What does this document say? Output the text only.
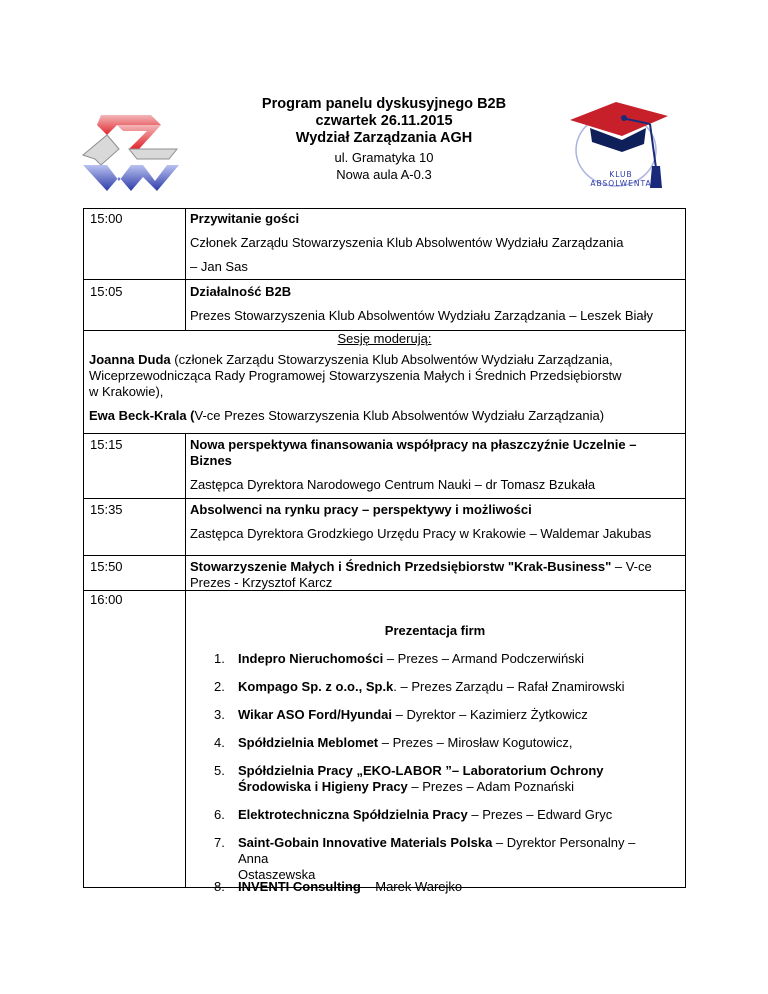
Program panelu dyskusyjnego B2B
czwartek 26.11.2015
Wydział Zarządzania AGH
ul. Gramatyka 10
Nowa aula A-0.3	KLUB
ABSOLWENTA
15:00	Przywitanie gości
Członek Zarządu Stowarzyszenia Klub Absolwentów Wydziału Zarządzania
– Jan Sas
15:05	Działalność B2B
Prezes Stowarzyszenia Klub Absolwentów Wydziału Zarządzania – Leszek Biały
Sesję moderują:
Joanna Duda (członek Zarządu Stowarzyszenia Klub Absolwentów Wydziału Zarządzania,
Wiceprzewodnicząca Rady Programowej Stowarzyszenia Małych i Średnich Przedsiębiorstw
w Krakowie),
Ewa Beck-Krala (V-ce Prezes Stowarzyszenia Klub Absolwentów Wydziału Zarządzania)
15:15	Nowa perspektywa finansowania współpracy na płaszczyźnie Uczelnie –
Biznes
Zastępca Dyrektora Narodowego Centrum Nauki – dr Tomasz Bzukała
15:35	Absolwenci na rynku pracy – perspektywy i możliwości
Zastępca Dyrektora Grodzkiego Urzędu Pracy w Krakowie – Waldemar Jakubas
15:50	Stowarzyszenie Małych i Średnich Przedsiębiorstw "Krak-Business" – V-ce
Prezes - Krzysztof Karcz
16:00
Prezentacja firm
1.	Indepro Nieruchomości – Prezes – Armand Podczerwiński
2.	Kompago Sp. z o.o., Sp.k. – Prezes Zarządu – Rafał Znamirowski
3.	Wikar ASO Ford/Hyundai – Dyrektor – Kazimierz Żytkowicz
4.	Spółdzielnia Meblomet – Prezes – Mirosław Kogutowicz,
5.	Spółdzielnia Pracy „EKO-LABOR ”– Laboratorium Ochrony
Środowiska i Higieny Pracy – Prezes – Adam Poznański
6.	Elektrotechniczna Spółdzielnia Pracy – Prezes – Edward Gryc
7.	Saint-Gobain Innovative Materials Polska – Dyrektor Personalny – Anna
Ostaszewska
8.	INVENTI Consulting – Marek Warejko
